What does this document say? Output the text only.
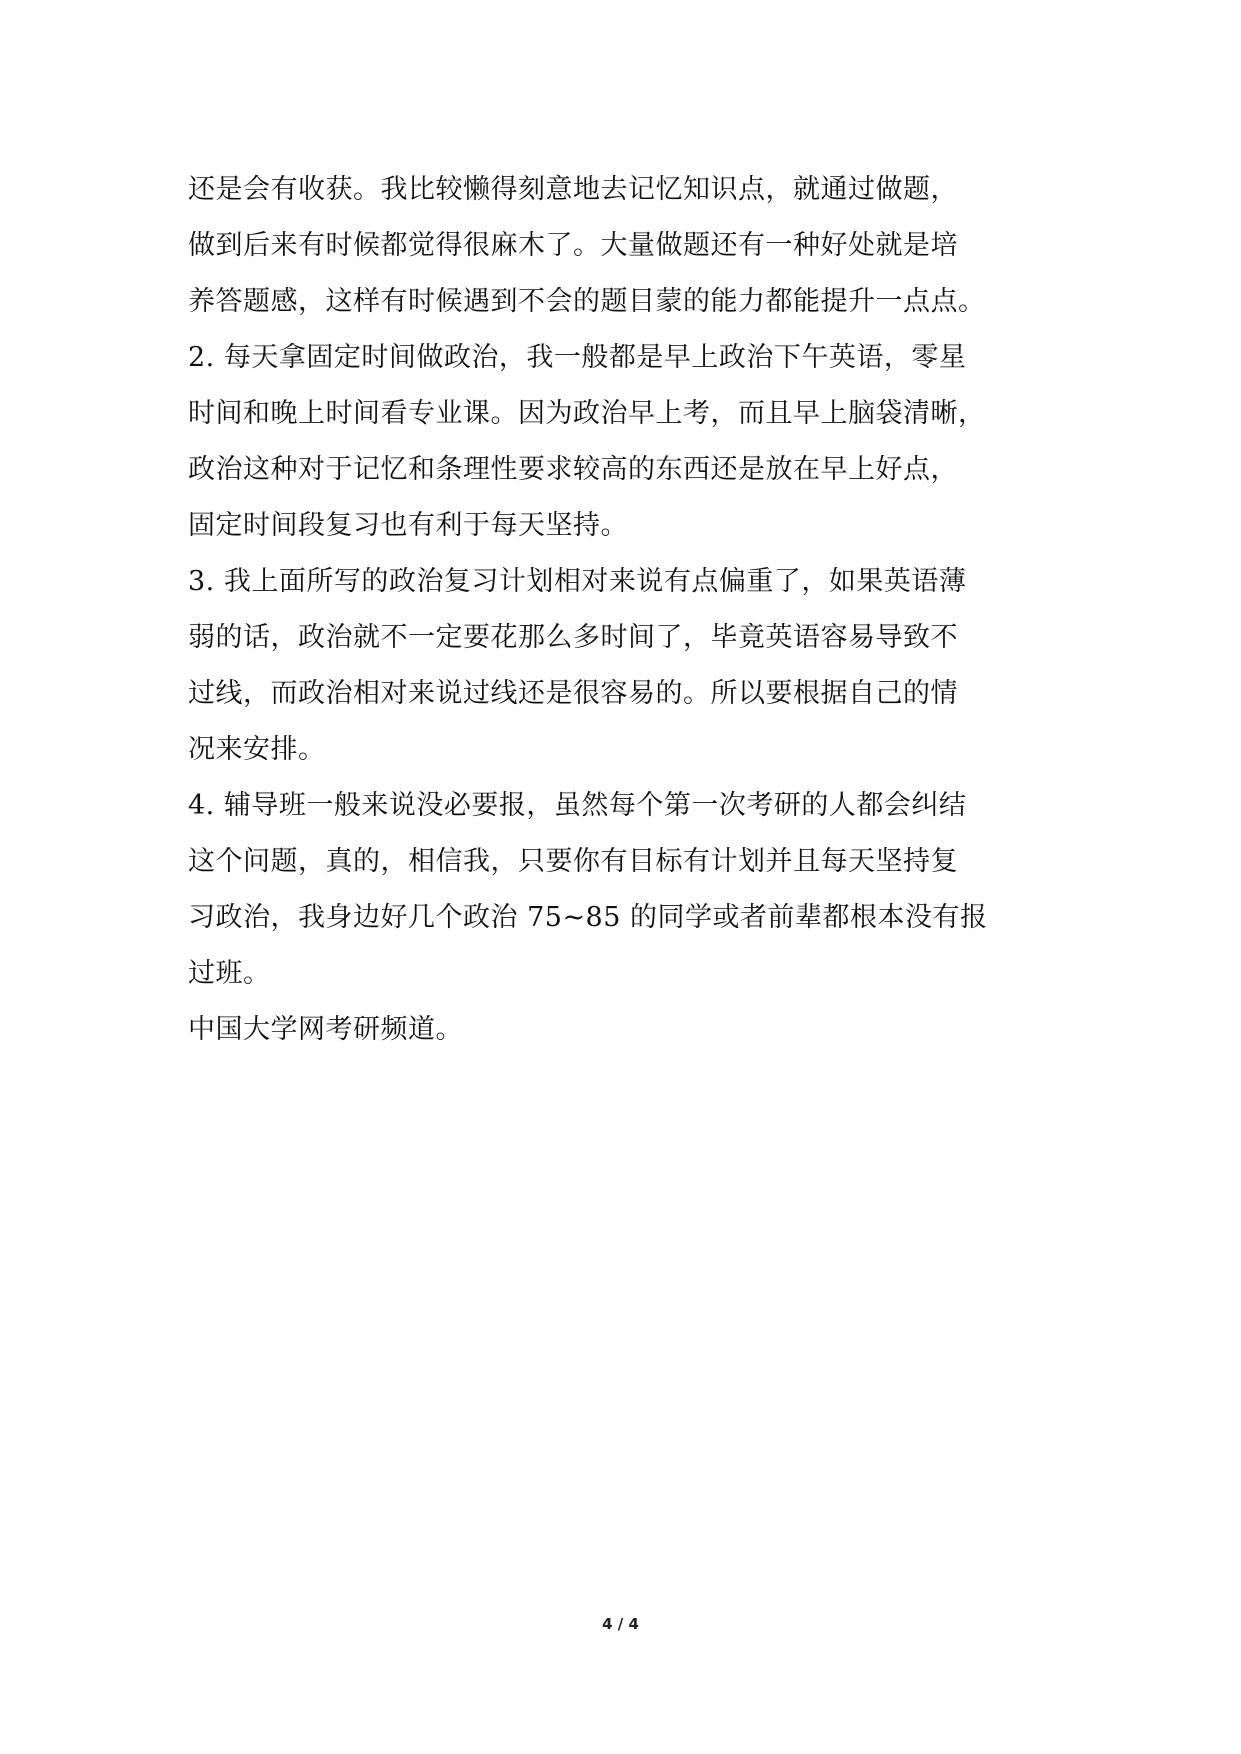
还是会有收获。我比较懒得刻意地去记忆知识点，就通过做题，
做到后来有时候都觉得很麻木了。大量做题还有一种好处就是培
养答题感，这样有时候遇到不会的题目蒙的能力都能提升一点点。
2. 每天拿固定时间做政治，我一般都是早上政治下午英语，零星
时间和晚上时间看专业课。因为政治早上考，而且早上脑袋清晰，
政治这种对于记忆和条理性要求较高的东西还是放在早上好点，
固定时间段复习也有利于每天坚持。
3. 我上面所写的政治复习计划相对来说有点偏重了，如果英语薄
弱的话，政治就不一定要花那么多时间了，毕竟英语容易导致不
过线，而政治相对来说过线还是很容易的。所以要根据自己的情
况来安排。
4. 辅导班一般来说没必要报，虽然每个第一次考研的人都会纠结
这个问题，真的，相信我，只要你有目标有计划并且每天坚持复
习政治，我身边好几个政治 75~85 的同学或者前辈都根本没有报
过班。
中国大学网考研频道。
4 / 4
